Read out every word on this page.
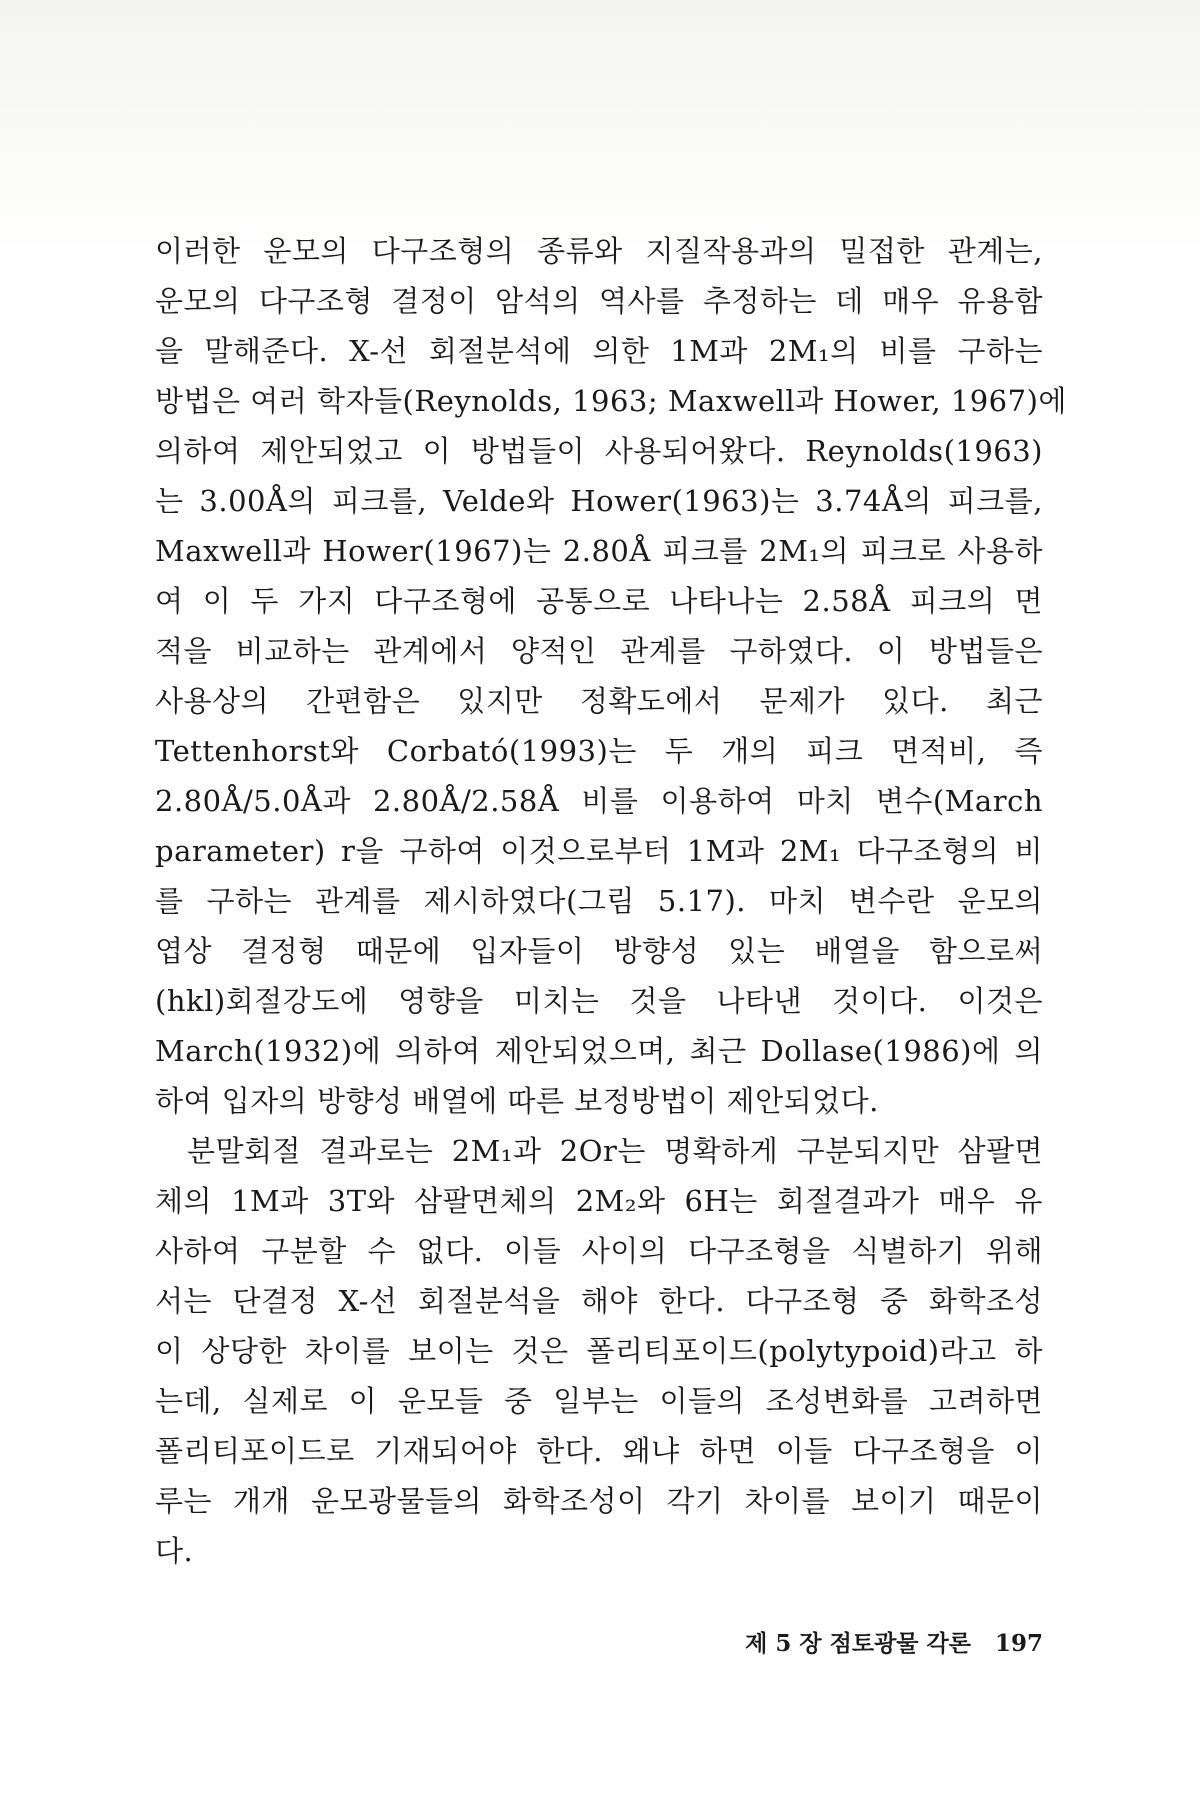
이러한 운모의 다구조형의 종류와 지질작용과의 밀접한 관계는,
운모의 다구조형 결정이 암석의 역사를 추정하는 데 매우 유용함
을 말해준다. X-선 회절분석에 의한 1M과 2M₁의 비를 구하는
방법은 여러 학자들(Reynolds, 1963; Maxwell과 Hower, 1967)에
의하여 제안되었고 이 방법들이 사용되어왔다. Reynolds(1963)
는 3.00Å의 피크를, Velde와 Hower(1963)는 3.74Å의 피크를,
Maxwell과 Hower(1967)는 2.80Å 피크를 2M₁의 피크로 사용하
여 이 두 가지 다구조형에 공통으로 나타나는 2.58Å 피크의 면
적을 비교하는 관계에서 양적인 관계를 구하였다. 이 방법들은
사용상의 간편함은 있지만 정확도에서 문제가 있다. 최근
Tettenhorst와 Corbató(1993)는 두 개의 피크 면적비, 즉
2.80Å/5.0Å과 2.80Å/2.58Å 비를 이용하여 마치 변수(March
parameter) r을 구하여 이것으로부터 1M과 2M₁ 다구조형의 비
를 구하는 관계를 제시하였다(그림 5.17). 마치 변수란 운모의
엽상 결정형 때문에 입자들이 방향성 있는 배열을 함으로써
(hkl)회절강도에 영향을 미치는 것을 나타낸 것이다. 이것은
March(1932)에 의하여 제안되었으며, 최근 Dollase(1986)에 의
하여 입자의 방향성 배열에 따른 보정방법이 제안되었다.
분말회절 결과로는 2M₁과 2Or는 명확하게 구분되지만 삼팔면
체의 1M과 3T와 삼팔면체의 2M₂와 6H는 회절결과가 매우 유
사하여 구분할 수 없다. 이들 사이의 다구조형을 식별하기 위해
서는 단결정 X-선 회절분석을 해야 한다. 다구조형 중 화학조성
이 상당한 차이를 보이는 것은 폴리티포이드(polytypoid)라고 하
는데, 실제로 이 운모들 중 일부는 이들의 조성변화를 고려하면
폴리티포이드로 기재되어야 한다. 왜냐 하면 이들 다구조형을 이
루는 개개 운모광물들의 화학조성이 각기 차이를 보이기 때문이
다.
제 5 장 점토광물 각론 197
